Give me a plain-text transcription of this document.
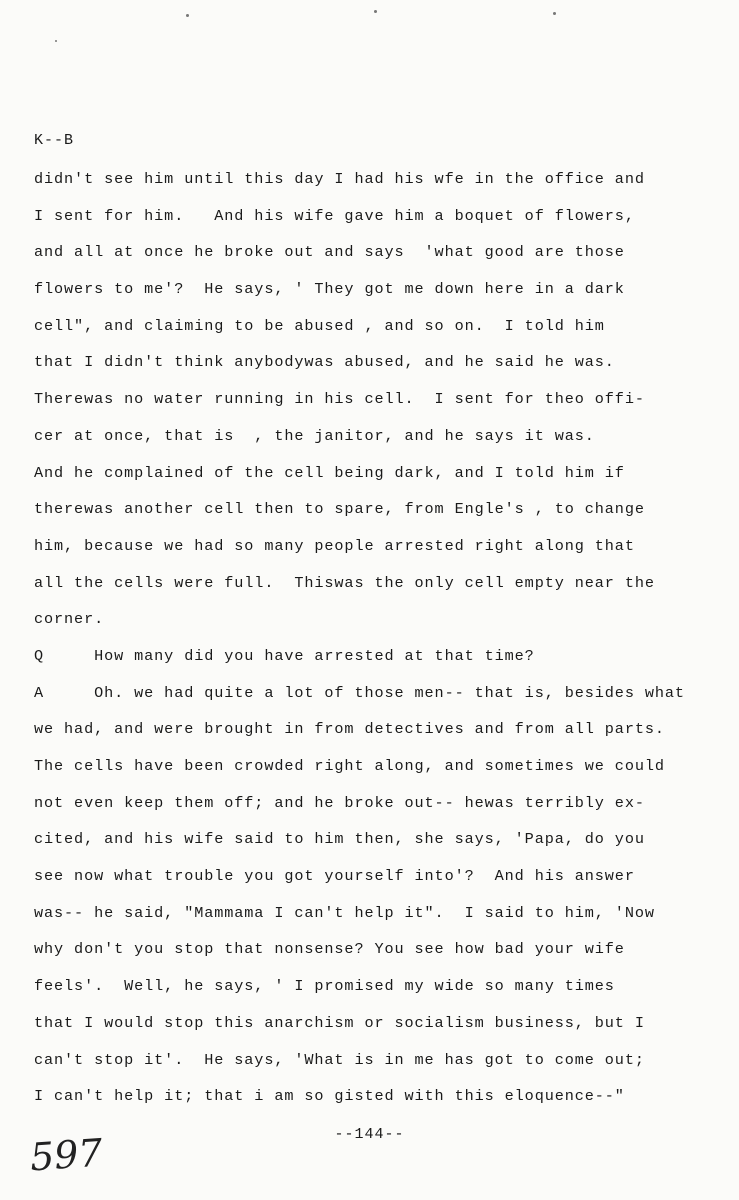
K--B
didn't see him until this day I had his wfe in the office and
I sent for him.   And his wife gave him a boquet of flowers,
and all at once he broke out and says  'what good are those
flowers to me'?  He says, ' They got me down here in a dark
cell", and claiming to be abused , and so on.  I told him
that I didn't think anybodywas abused, and he said he was.
Therewas no water running in his cell.  I sent for theo offi-
cer at once, that is  , the janitor, and he says it was.
And he complained of the cell being dark, and I told him if
therewas another cell then to spare, from Engle's , to change
him, because we had so many people arrested right along that
all the cells were full.  Thiswas the only cell empty near the
corner.
Q     How many did you have arrested at that time?
A     Oh. we had quite a lot of those men-- that is, besides what
we had, and were brought in from detectives and from all parts.
The cells have been crowded right along, and sometimes we could
not even keep them off; and he broke out-- hewas terribly ex-
cited, and his wife said to him then, she says, 'Papa, do you
see now what trouble you got yourself into'?  And his answer
was-- he said, "Mammama I can't help it".  I said to him, 'Now
why don't you stop that nonsense? You see how bad your wife
feels'.  Well, he says, ' I promised my wide so many times
that I would stop this anarchism or socialism business, but I
can't stop it'.  He says, 'What is in me has got to come out;
I can't help it; that i am so gisted with this eloquence--"
--144--
597
